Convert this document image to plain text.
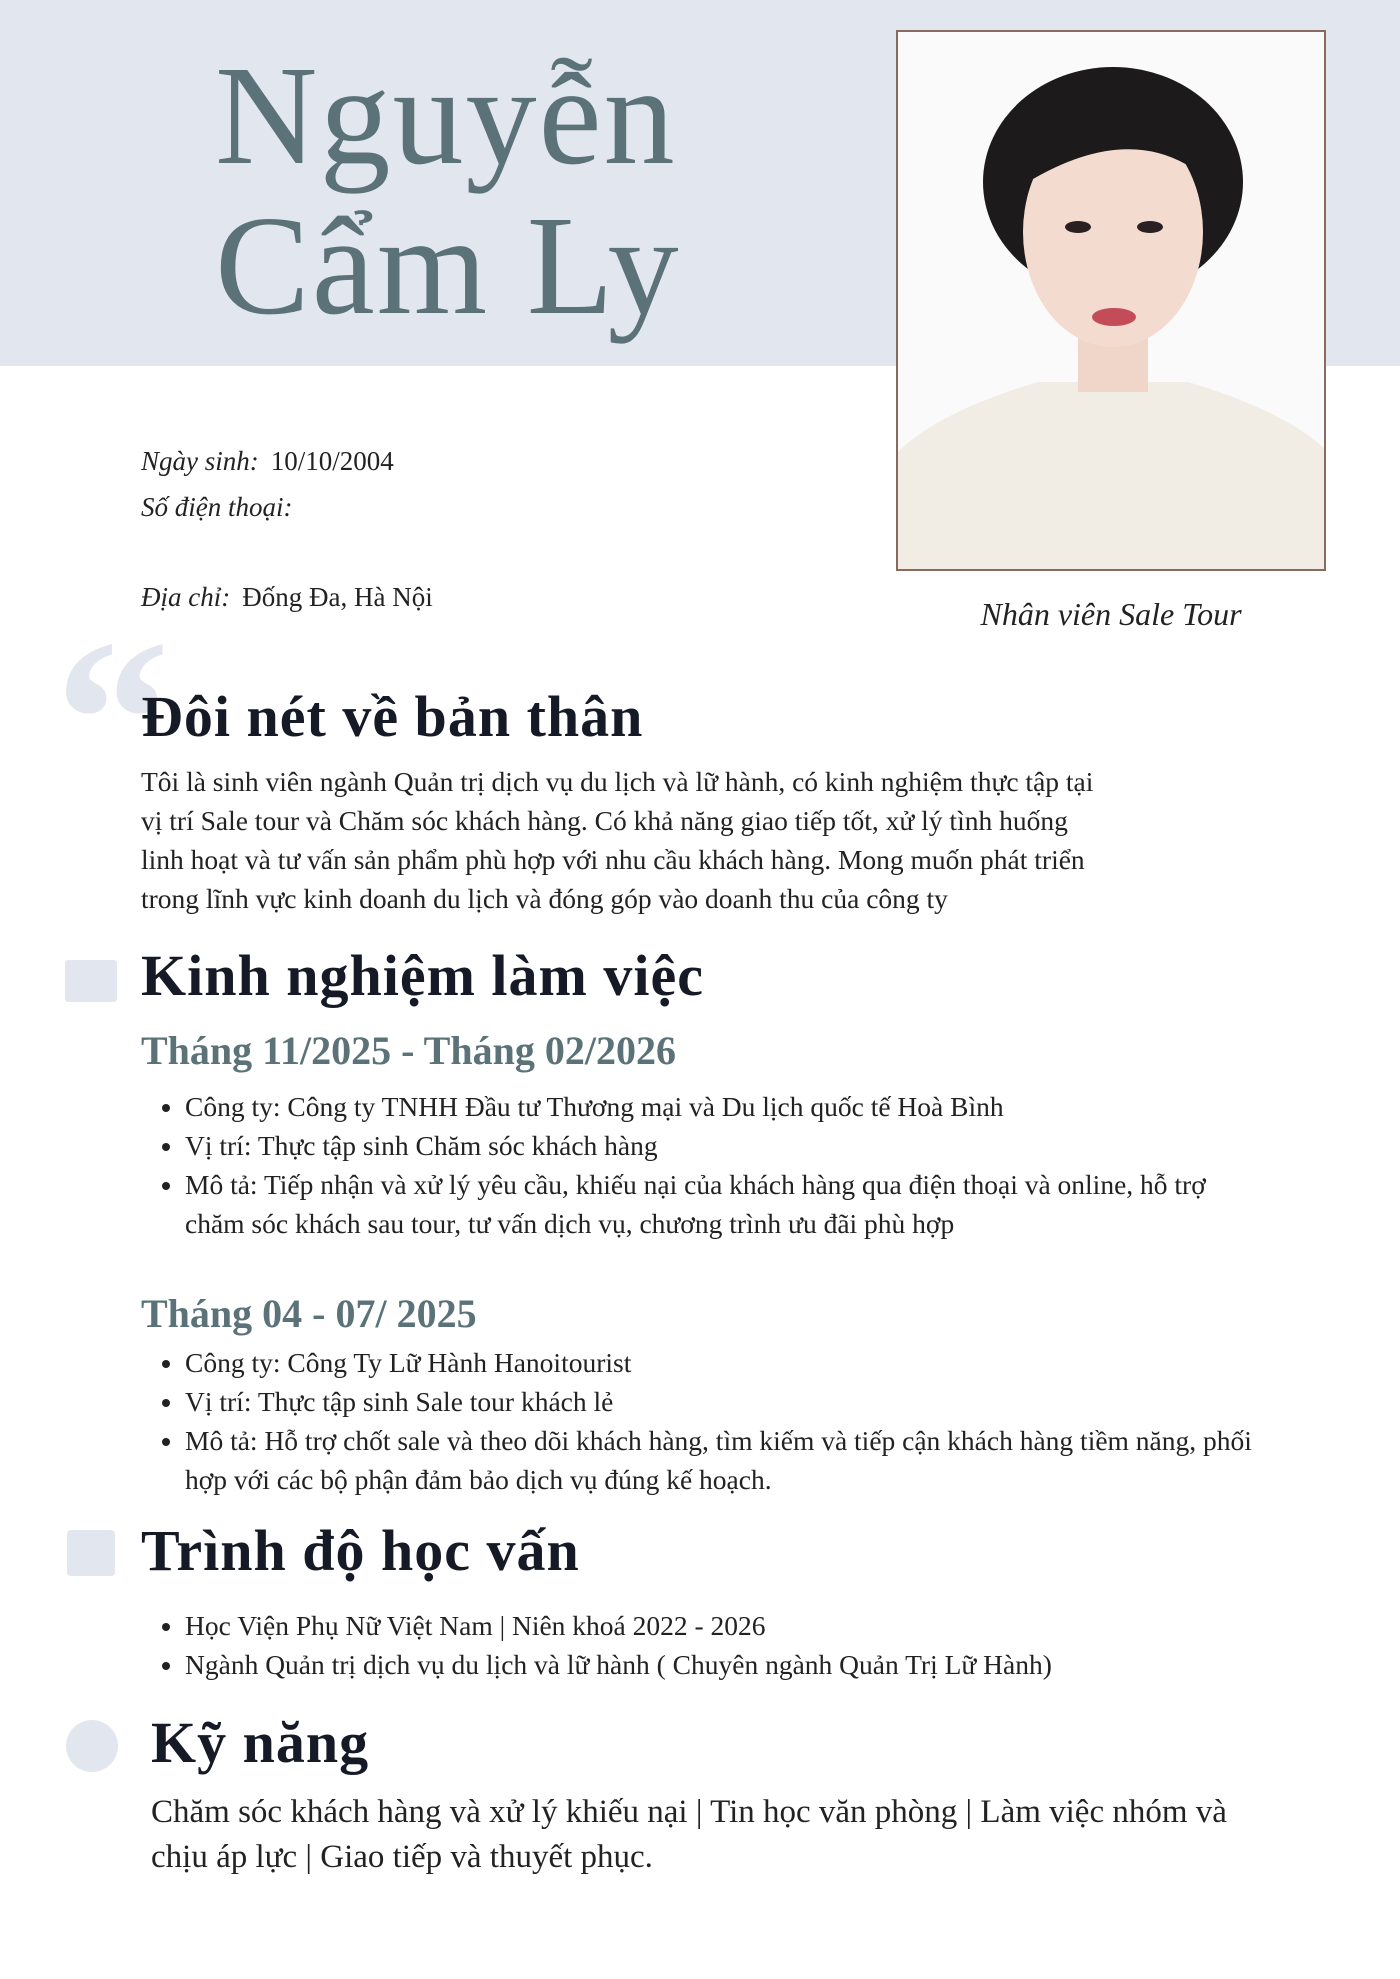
Nguyễn
Cẩm Ly
Nhân viên Sale Tour
Ngày sinh: 10/10/2004
Số điện thoại:
Địa chỉ: Đống Đa, Hà Nội
“
Đôi nét về bản thân
Tôi là sinh viên ngành Quản trị dịch vụ du lịch và lữ hành, có kinh nghiệm thực tập tại
vị trí Sale tour và Chăm sóc khách hàng. Có khả năng giao tiếp tốt, xử lý tình huống
linh hoạt và tư vấn sản phẩm phù hợp với nhu cầu khách hàng. Mong muốn phát triển
trong lĩnh vực kinh doanh du lịch và đóng góp vào doanh thu của công ty
Kinh nghiệm làm việc
Tháng 11/2025 - Tháng 02/2026
• Công ty: Công ty TNHH Đầu tư Thương mại và Du lịch quốc tế Hoà Bình
• Vị trí: Thực tập sinh Chăm sóc khách hàng
• Mô tả: Tiếp nhận và xử lý yêu cầu, khiếu nại của khách hàng qua điện thoại và online, hỗ trợ chăm sóc khách sau tour, tư vấn dịch vụ, chương trình ưu đãi phù hợp
Tháng 04 - 07/ 2025
• Công ty: Công Ty Lữ Hành Hanoitourist
• Vị trí: Thực tập sinh Sale tour khách lẻ
• Mô tả: Hỗ trợ chốt sale và theo dõi khách hàng, tìm kiếm và tiếp cận khách hàng tiềm năng, phối hợp với các bộ phận đảm bảo dịch vụ đúng kế hoạch.
Trình độ học vấn
• Học Viện Phụ Nữ Việt Nam | Niên khoá 2022 - 2026
• Ngành Quản trị dịch vụ du lịch và lữ hành ( Chuyên ngành Quản Trị Lữ Hành)
Kỹ năng
Chăm sóc khách hàng và xử lý khiếu nại | Tin học văn phòng | Làm việc nhóm và chịu áp lực | Giao tiếp và thuyết phục.
